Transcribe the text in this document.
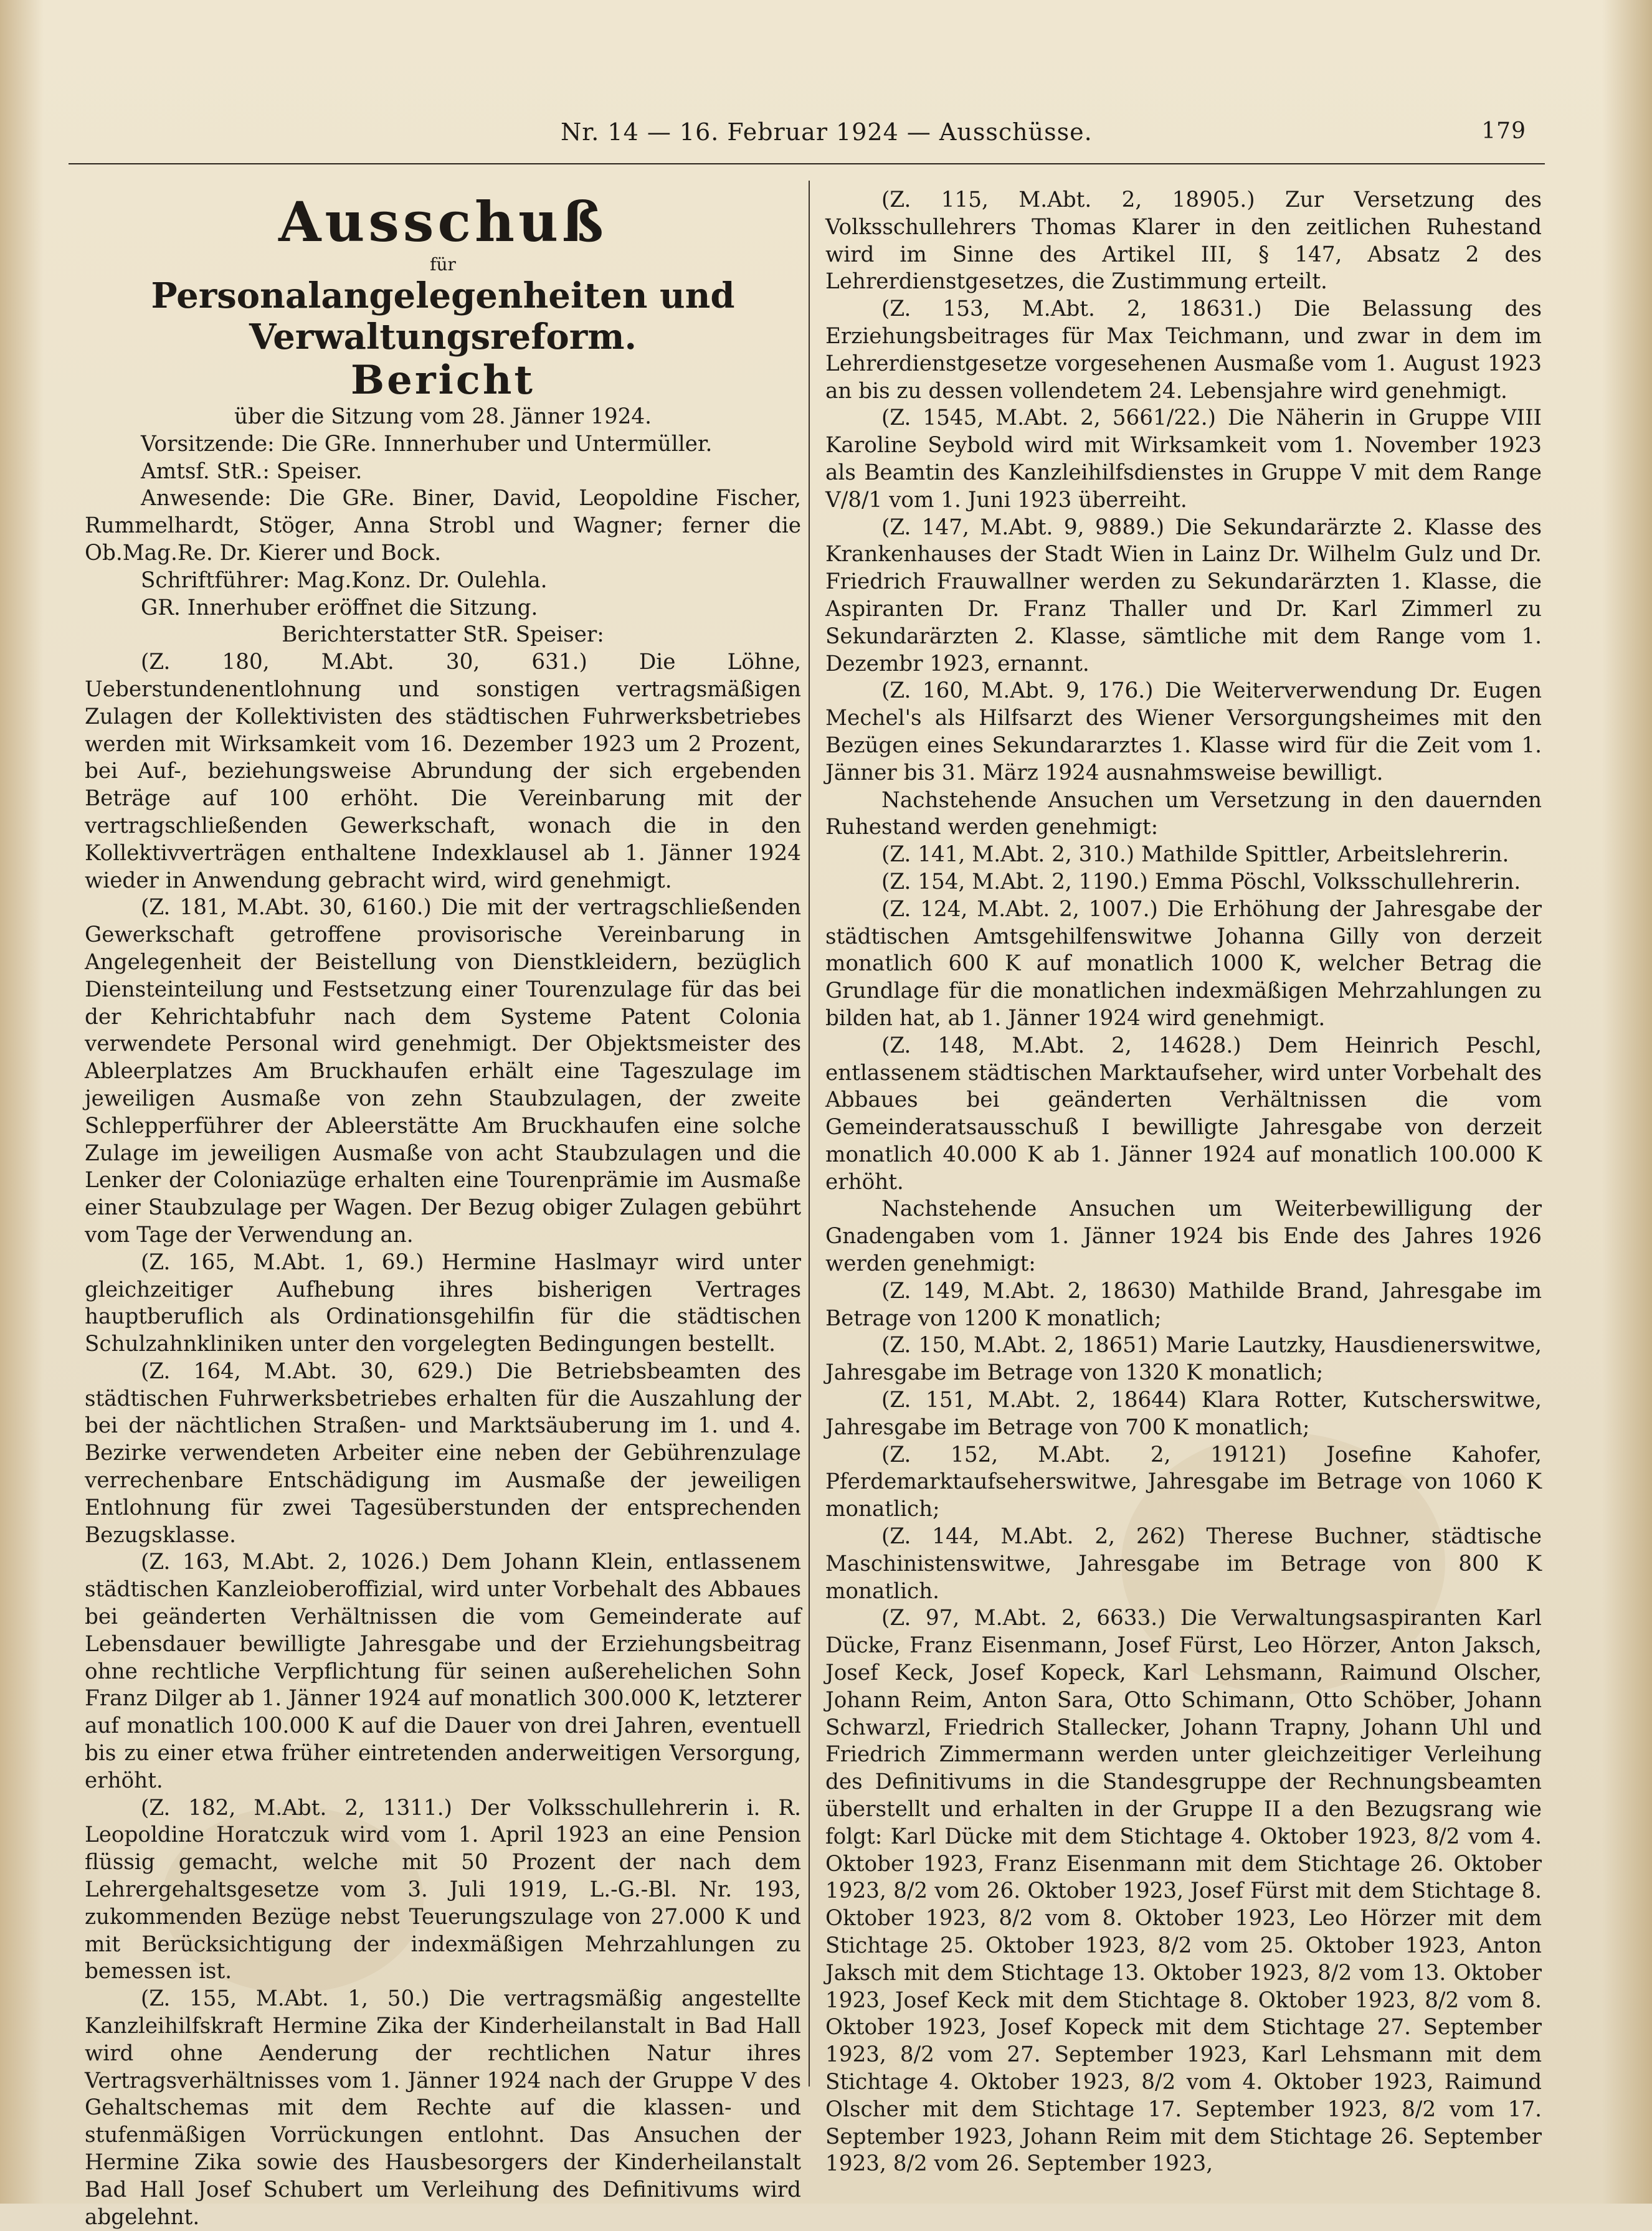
Nr. 14 — 16. Februar 1924 — Ausschüsse.	179
Ausschuß
für
Personalangelegenheiten und Verwaltungsreform.
Bericht

über die Sitzung vom 28. Jänner 1924.

Vorsitzende: Die GRe. Innnerhuber und Untermüller.

Amtsf. StR.: Speiser.

Anwesende: Die GRe. Biner, David, Leopoldine Fischer, Rummelhardt, Stöger, Anna Strobl und Wagner; ferner die Ob.Mag.Re. Dr. Kierer und Bock.

Schriftführer: Mag.Konz. Dr. Oulehla.

GR. Innerhuber eröffnet die Sitzung.

Berichterstatter StR. Speiser:

(Z. 180, M.Abt. 30, 631.) Die Löhne, Ueberstundenentlohnung und sonstigen vertragsmäßigen Zulagen der Kollektivisten des städtischen Fuhrwerksbetriebes werden mit Wirksamkeit vom 16. Dezember 1923 um 2 Prozent, bei Auf-, beziehungsweise Abrundung der sich ergebenden Beträge auf 100 erhöht. Die Vereinbarung mit der vertragschließenden Gewerkschaft, wonach die in den Kollektivverträgen enthaltene Indexklausel ab 1. Jänner 1924 wieder in Anwendung gebracht wird, wird genehmigt.

(Z. 181, M.Abt. 30, 6160.) Die mit der vertragschließenden Gewerkschaft getroffene provisorische Vereinbarung in Angelegenheit der Beistellung von Dienstkleidern, bezüglich Diensteinteilung und Festsetzung einer Tourenzulage für das bei der Kehrichtabfuhr nach dem Systeme Patent Colonia verwendete Personal wird genehmigt. Der Objektsmeister des Ableerplatzes Am Bruckhaufen erhält eine Tageszulage im jeweiligen Ausmaße von zehn Staubzulagen, der zweite Schlepperführer der Ableerstätte Am Bruckhaufen eine solche Zulage im jeweiligen Ausmaße von acht Staubzulagen und die Lenker der Coloniazüge erhalten eine Tourenprämie im Ausmaße einer Staubzulage per Wagen. Der Bezug obiger Zulagen gebührt vom Tage der Verwendung an.

(Z. 165, M.Abt. 1, 69.) Hermine Haslmayr wird unter gleichzeitiger Aufhebung ihres bisherigen Vertrages hauptberuflich als Ordinationsgehilfin für die städtischen Schulzahnkliniken unter den vorgelegten Bedingungen bestellt.

(Z. 164, M.Abt. 30, 629.) Die Betriebsbeamten des städtischen Fuhrwerksbetriebes erhalten für die Auszahlung der bei der nächtlichen Straßen- und Marktsäuberung im 1. und 4. Bezirke verwendeten Arbeiter eine neben der Gebührenzulage verrechenbare Entschädigung im Ausmaße der jeweiligen Entlohnung für zwei Tagesüberstunden der entsprechenden Bezugsklasse.

(Z. 163, M.Abt. 2, 1026.) Dem Johann Klein, entlassenem städtischen Kanzleioberoffizial, wird unter Vorbehalt des Abbaues bei geänderten Verhältnissen die vom Gemeinderate auf Lebensdauer bewilligte Jahresgabe und der Erziehungsbeitrag ohne rechtliche Verpflichtung für seinen außerehelichen Sohn Franz Dilger ab 1. Jänner 1924 auf monatlich 300.000 K, letzterer auf monatlich 100.000 K auf die Dauer von drei Jahren, eventuell bis zu einer etwa früher eintretenden anderweitigen Versorgung, erhöht.

(Z. 182, M.Abt. 2, 1311.) Der Volksschullehrerin i. R. Leopoldine Horatczuk wird vom 1. April 1923 an eine Pension flüssig gemacht, welche mit 50 Prozent der nach dem Lehrergehaltsgesetze vom 3. Juli 1919, L.-G.-Bl. Nr. 193, zukommenden Bezüge nebst Teuerungszulage von 27.000 K und mit Berücksichtigung der indexmäßigen Mehrzahlungen zu bemessen ist.

(Z. 155, M.Abt. 1, 50.) Die vertragsmäßig angestellte Kanzleihilfskraft Hermine Zika der Kinderheilanstalt in Bad Hall wird ohne Aenderung der rechtlichen Natur ihres Vertragsverhältnisses vom 1. Jänner 1924 nach der Gruppe V des Gehaltschemas mit dem Rechte auf die klassen- und stufenmäßigen Vorrückungen entlohnt. Das Ansuchen der Hermine Zika sowie des Hausbesorgers der Kinderheilanstalt Bad Hall Josef Schubert um Verleihung des Definitivums wird abgelehnt.

(Z. 115, M.Abt. 2, 18905.) Zur Versetzung des Volksschullehrers Thomas Klarer in den zeitlichen Ruhestand wird im Sinne des Artikel III, § 147, Absatz 2 des Lehrerdienstgesetzes, die Zustimmung erteilt.

(Z. 153, M.Abt. 2, 18631.) Die Belassung des Erziehungsbeitrages für Max Teichmann, und zwar in dem im Lehrerdienstgesetze vorgesehenen Ausmaße vom 1. August 1923 an bis zu dessen vollendetem 24. Lebensjahre wird genehmigt.

(Z. 1545, M.Abt. 2, 5661/22.) Die Näherin in Gruppe VIII Karoline Seybold wird mit Wirksamkeit vom 1. November 1923 als Beamtin des Kanzleihilfsdienstes in Gruppe V mit dem Range V/8/1 vom 1. Juni 1923 überreiht.

(Z. 147, M.Abt. 9, 9889.) Die Sekundarärzte 2. Klasse des Krankenhauses der Stadt Wien in Lainz Dr. Wilhelm Gulz und Dr. Friedrich Frauwallner werden zu Sekundarärzten 1. Klasse, die Aspiranten Dr. Franz Thaller und Dr. Karl Zimmerl zu Sekundarärzten 2. Klasse, sämtliche mit dem Range vom 1. Dezembr 1923, ernannt.

(Z. 160, M.Abt. 9, 176.) Die Weiterverwendung Dr. Eugen Mechel's als Hilfsarzt des Wiener Versorgungsheimes mit den Bezügen eines Sekundararztes 1. Klasse wird für die Zeit vom 1. Jänner bis 31. März 1924 ausnahmsweise bewilligt.

Nachstehende Ansuchen um Versetzung in den dauernden Ruhestand werden genehmigt:

(Z. 141, M.Abt. 2, 310.) Mathilde Spittler, Arbeitslehrerin.

(Z. 154, M.Abt. 2, 1190.) Emma Pöschl, Volksschullehrerin.

(Z. 124, M.Abt. 2, 1007.) Die Erhöhung der Jahresgabe der städtischen Amtsgehilfenswitwe Johanna Gilly von derzeit monatlich 600 K auf monatlich 1000 K, welcher Betrag die Grundlage für die monatlichen indexmäßigen Mehrzahlungen zu bilden hat, ab 1. Jänner 1924 wird genehmigt.

(Z. 148, M.Abt. 2, 14628.) Dem Heinrich Peschl, entlassenem städtischen Marktaufseher, wird unter Vorbehalt des Abbaues bei geänderten Verhältnissen die vom Gemeinderatsausschuß I bewilligte Jahresgabe von derzeit monatlich 40.000 K ab 1. Jänner 1924 auf monatlich 100.000 K erhöht.

Nachstehende Ansuchen um Weiterbewilligung der Gnadengaben vom 1. Jänner 1924 bis Ende des Jahres 1926 werden genehmigt:

(Z. 149, M.Abt. 2, 18630) Mathilde Brand, Jahresgabe im Betrage von 1200 K monatlich;

(Z. 150, M.Abt. 2, 18651) Marie Lautzky, Hausdienerswitwe, Jahresgabe im Betrage von 1320 K monatlich;

(Z. 151, M.Abt. 2, 18644) Klara Rotter, Kutscherswitwe, Jahresgabe im Betrage von 700 K monatlich;

(Z. 152, M.Abt. 2, 19121) Josefine Kahofer, Pferdemarktaufseherswitwe, Jahresgabe im Betrage von 1060 K monatlich;

(Z. 144, M.Abt. 2, 262) Therese Buchner, städtische Maschinistenswitwe, Jahresgabe im Betrage von 800 K monatlich.

(Z. 97, M.Abt. 2, 6633.) Die Verwaltungsaspiranten Karl Dücke, Franz Eisenmann, Josef Fürst, Leo Hörzer, Anton Jaksch, Josef Keck, Josef Kopeck, Karl Lehsmann, Raimund Olscher, Johann Reim, Anton Sara, Otto Schimann, Otto Schöber, Johann Schwarzl, Friedrich Stallecker, Johann Trapny, Johann Uhl und Friedrich Zimmermann werden unter gleichzeitiger Verleihung des Definitivums in die Standesgruppe der Rechnungsbeamten überstellt und erhalten in der Gruppe II a den Bezugsrang wie folgt: Karl Dücke mit dem Stichtage 4. Oktober 1923, 8/2 vom 4. Oktober 1923, Franz Eisenmann mit dem Stichtage 26. Oktober 1923, 8/2 vom 26. Oktober 1923, Josef Fürst mit dem Stichtage 8. Oktober 1923, 8/2 vom 8. Oktober 1923, Leo Hörzer mit dem Stichtage 25. Oktober 1923, 8/2 vom 25. Oktober 1923, Anton Jaksch mit dem Stichtage 13. Oktober 1923, 8/2 vom 13. Oktober 1923, Josef Keck mit dem Stichtage 8. Oktober 1923, 8/2 vom 8. Oktober 1923, Josef Kopeck mit dem Stichtage 27. September 1923, 8/2 vom 27. September 1923, Karl Lehsmann mit dem Stichtage 4. Oktober 1923, 8/2 vom 4. Oktober 1923, Raimund Olscher mit dem Stichtage 17. September 1923, 8/2 vom 17. September 1923, Johann Reim mit dem Stichtage 26. September 1923, 8/2 vom 26. September 1923,
